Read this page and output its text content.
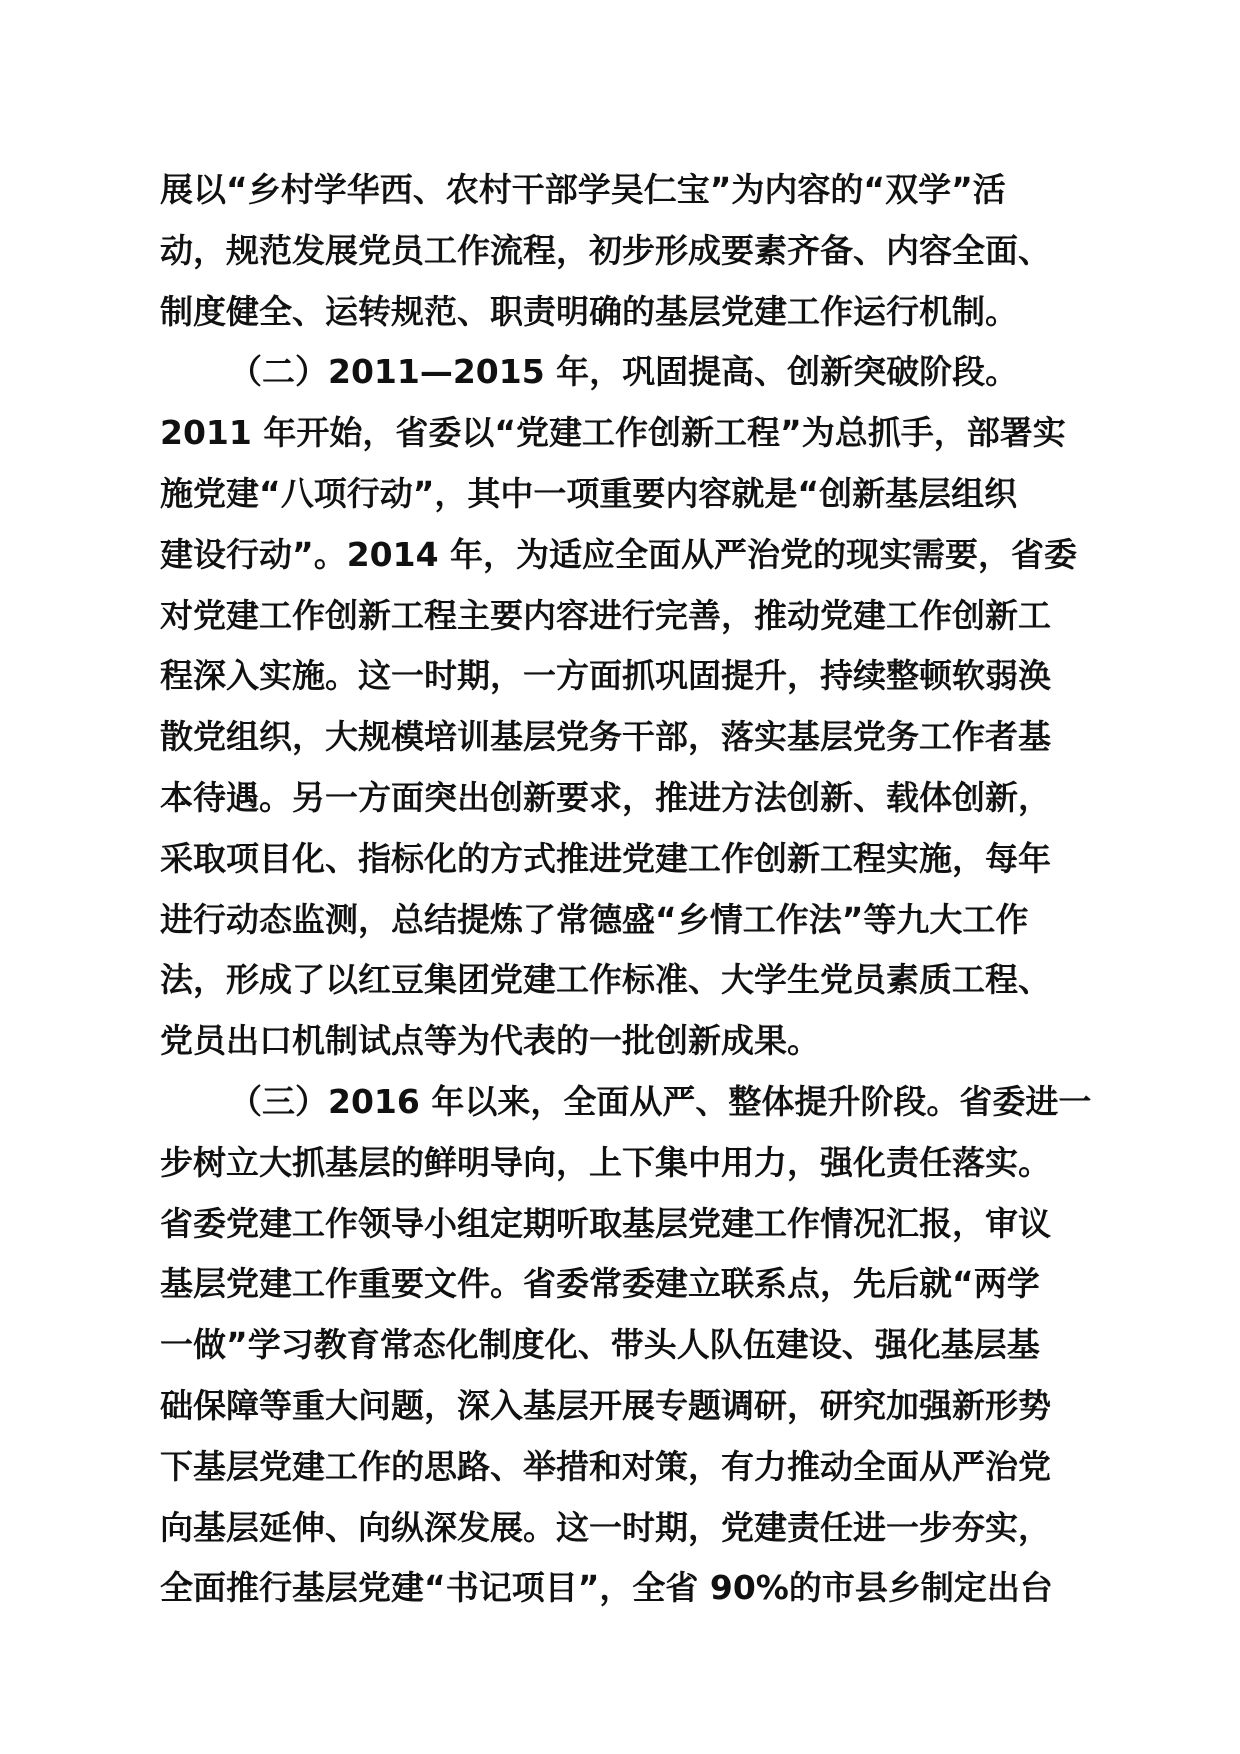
展以“乡村学华西、农村干部学吴仁宝”为内容的“双学”活
动，规范发展党员工作流程，初步形成要素齐备、内容全面、
制度健全、运转规范、职责明确的基层党建工作运行机制。
（二）2011—2015 年，巩固提高、创新突破阶段。
2011 年开始，省委以“党建工作创新工程”为总抓手，部署实
施党建“八项行动”，其中一项重要内容就是“创新基层组织
建设行动”。2014 年，为适应全面从严治党的现实需要，省委
对党建工作创新工程主要内容进行完善，推动党建工作创新工
程深入实施。这一时期，一方面抓巩固提升，持续整顿软弱涣
散党组织，大规模培训基层党务干部，落实基层党务工作者基
本待遇。另一方面突出创新要求，推进方法创新、载体创新，
采取项目化、指标化的方式推进党建工作创新工程实施，每年
进行动态监测，总结提炼了常德盛“乡情工作法”等九大工作
法，形成了以红豆集团党建工作标准、大学生党员素质工程、
党员出口机制试点等为代表的一批创新成果。
（三）2016 年以来，全面从严、整体提升阶段。省委进一
步树立大抓基层的鲜明导向，上下集中用力，强化责任落实。
省委党建工作领导小组定期听取基层党建工作情况汇报，审议
基层党建工作重要文件。省委常委建立联系点，先后就“两学
一做”学习教育常态化制度化、带头人队伍建设、强化基层基
础保障等重大问题，深入基层开展专题调研，研究加强新形势
下基层党建工作的思路、举措和对策，有力推动全面从严治党
向基层延伸、向纵深发展。这一时期，党建责任进一步夯实，
全面推行基层党建“书记项目”，全省 90%的市县乡制定出台
